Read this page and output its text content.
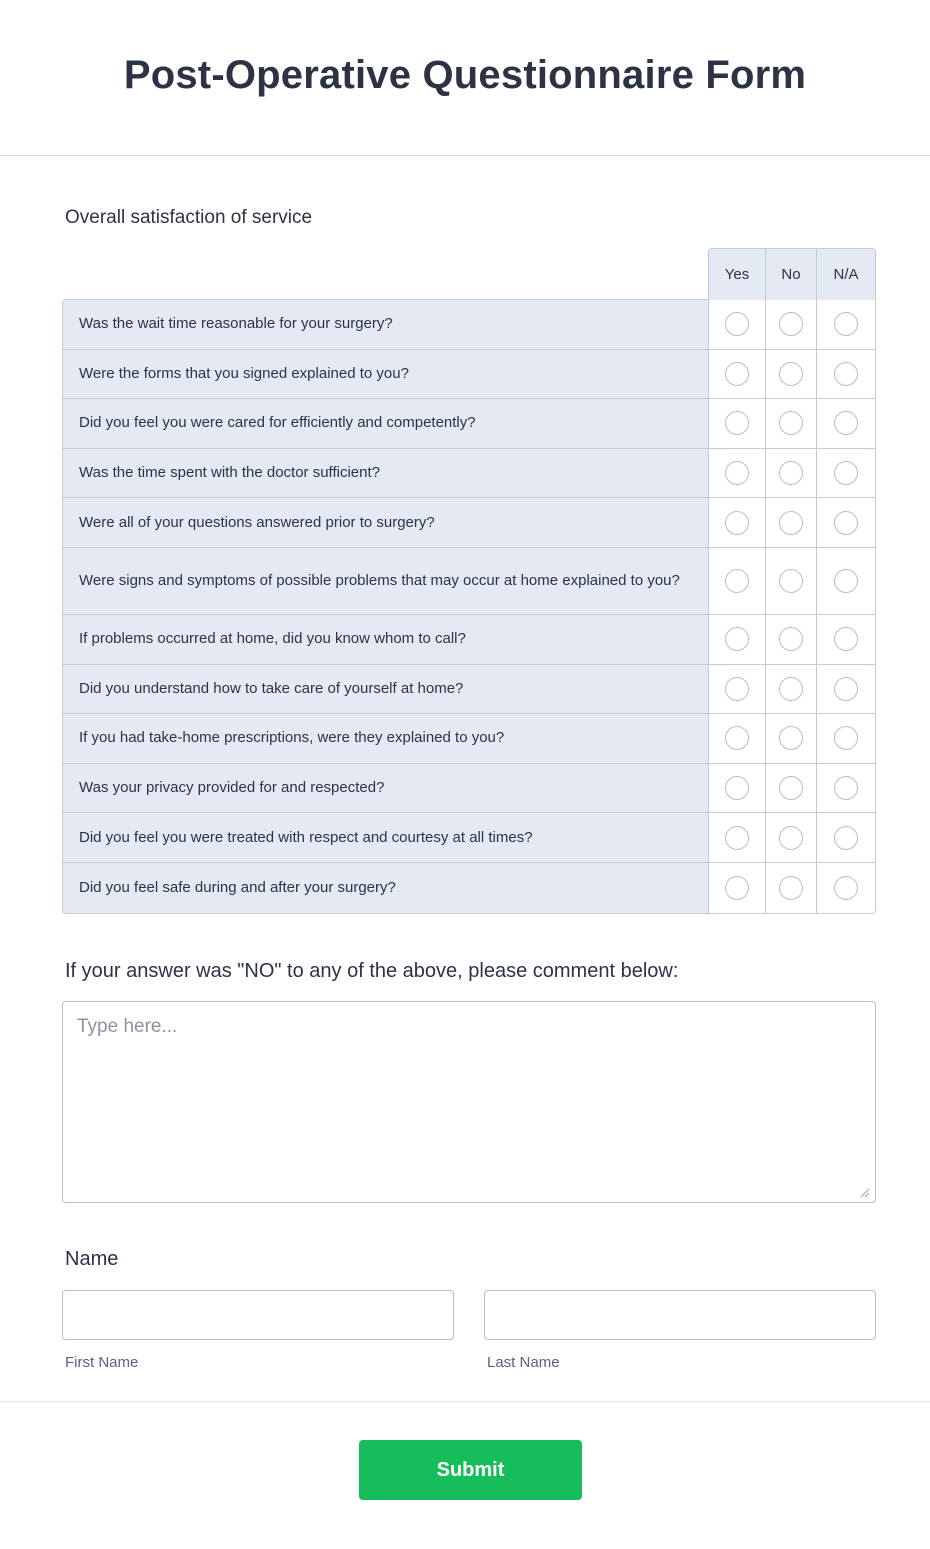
Post-Operative Questionnaire Form
Overall satisfaction of service
Yes	No	N/A
Was the wait time reasonable for your surgery?
Were the forms that you signed explained to you?
Did you feel you were cared for efficiently and competently?
Was the time spent with the doctor sufficient?
Were all of your questions answered prior to surgery?
Were signs and symptoms of possible problems that may occur at home explained to you?
If problems occurred at home, did you know whom to call?
Did you understand how to take care of yourself at home?
If you had take-home prescriptions, were they explained to you?
Was your privacy provided for and respected?
Did you feel you were treated with respect and courtesy at all times?
Did you feel safe during and after your surgery?
If your answer was "NO" to any of the above, please comment below:
Type here...
Name
First Name	Last Name
Submit
